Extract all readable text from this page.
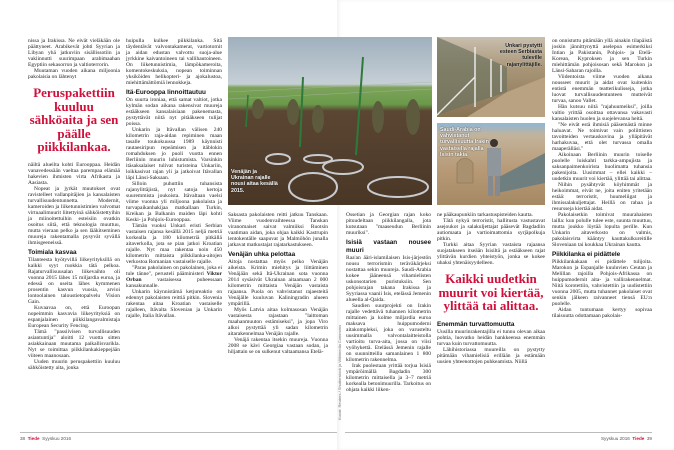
nissa ja Irakissa. Ne eivät vieläkään ole päättyneet. Arabikevät johti Syyrian ja Libyan yhä jatkuviin sisällissotiin ja vakiinnutti suurimpaan arabimaahan Egyptiin sekasorron ja valtioterrorin.

Muutaman vuoden aikana miljoonia pakolaisia on lähtenyt

Peruspakettiin kuuluu sähköaita ja sen päälle piikkilankaa.

näiltä alueilta kohti Eurooppaa. Heidän vanavedessään vaeltaa parempaa elämää hakevien ihmisten virta Afrikasta ja Aasiasta.

Nopeat ja jyrkät muutokset ovat ravistelleet vallanpitäjien ja kansalaisten turvallisuudentunnetta. Modernit, kameroiden ja liiketunnistimien valvomat virtuaalimuurit liitettyinä sähköistettyihin ja miinoitettuihin esteisiin ovatkin osoitus siitä, että teknologia muuttuu, mutta vieraan pelko ja sen lääkitseminen muureja rakentamalla pysyvät syvällä ihmisgeeneissä.

Toimiala kasvaa

Tilanteesta hyötyvillä liikeyrityksillä on kaikki syyt ruokkia tätä pelkoa. Rajaturvallisuusalan liikevaihto oli vuonna 2015 lähes 15 miljardia euroa, ja edessä on useita lähes kymmenen prosentin kasvun vuosia, arvioi lontoolainen taloustietopalvelu Vision Gain.

Kuvaavaa on, että Euroopan nopeimmin kasvavia liikeyrityksiä on espanjalainen piikkilangavalmistaja European Security Fencing.

Tämä "passiivisen turvallisuuden asiantuntija" aloitti 12 vuotta sitten asiakkainaan muutama paikallisvarikla. Nyt se toimittaa piikkilankakieppejään viiteen maanosaan.

Uuden muurin peruspakettiin kuuluu sähköistetty aita, jonka

huipulla kulkee piikkilanka. Sitä täydentävät valvontakamerat, vartiotornit ja aidan edustan valvottu suoja-alue jyrkkine kaivantoineen tai vallihautoineen. On liiketunnistimia, lämpökameroita, komentokeskuksia, nopean toiminnan yksiköiden helikopteri- ja ajokalustoa, miehittämättömiä lennokkeja.

Itä-Eurooppa linnoittautuu

On suurta ironiaa, että samat valtiot, jotka kylmän sodan aikana rakensivat muureja estääkseen kansalaisiaan pakenemasta, pystyttävät niitä nyt pitääkseen tulijat poissa.

Unkarin ja Itävallan välisen 240 kilometrin raja-aidan repiminen maan tasalle toukokuussa 1989 käynnisti rautaesiripun repeämisen ja itäblokin romahduksen jo puoli vuotta ennen Berliinin muurin luhistumista. Varsinkin itäsaksalaiset tulivat turisteina Unkariin, loikkasivat rajan yli ja jatkoivat Itävallan läpi Länsi-Saksaan.

Silloin puhuttiin tuhansista rajanylittäjistä, nyt satoja kertoja suuremmista joukoista. Itävaltaan vaelsi viime vuonna yli miljoona pakolaista ja turvapaikanhakijaa matkallaan Turkin, Kreikan ja Balkanin maiden läpi kohti Keski- ja Pohjois-Eurooppaa.

Tämän vuoksi Unkari eristi Serbian vastaisen rajansa kesällä 2015 neljä metriä korkealla ja 180 kilometriä pitkällä aitaverkolla, jota se pian jatkoi Kroatian rajalle. Nyt maa rakentaa noin 450 kilometrin mittaista piikkilanka-aitojen verkostoa Romanian vastaiselle rajalle.

"Paras pakolainen on pakolainen, joka ei tule tänne", perusteli pääministeri Viktor Orban vastaisessa puheessaan kansakunnalle.

Unkarin käynnistämä ketjureaktio on edennyt pakolaisten reittiä pitkin. Slovenia rakentaa aitaa Kroatian vastaiselle rajalleen, Itävalta Slovenian ja Unkarin rajalle, Italia Itävallan.

Venäjän ja Ukrainan rajalle nousi aitaa kesällä 2015.
Unkari pystytti esteen Serbiasta tuleville rajanylittäjille.
Saudi-Arabia on vahvistanut turvallisuutta Irakin vastaisella rajalla Isisin takia.

Saksasta pakolaisten reitti jatkuu Tanskaan. Viime vuodenvaihteessa Tanskan viranomaiset saivat valmiiksi Ruotsin vaatiman aidan, joka ohjaa kaikki Kastrupin lentokentälle saapuvat ja Malmöhön junalla jatkavat matkustajat rajatarkastukseen.

Venäjän uhka pelottaa

Aitoja nostattaa myös pelko Venäjän aikeista. Krimin miehitys ja liittäminen Venäjään sekä Itä-Ukrainan sota vuonna 2014 sysäsivät Ukrainan aitaamaan 2 000 kilometrin mittaista Venäjän vastaista rajaansa. Puola on vahvistanut rajaesteitä Venäjälle kuuluvan Kaliningradin alueen ympärillä.

Myös Latvia aitaa kolmasosan Venäjän vastaisesta rajastaan "laittoman maahanmuuton estämiseksi", ja jopa Viro alkoi pystyttää yli sadan kilometrin aitarakennelmaa Venäjän rajalle.

Venäjä rakentaa itsekin muureja. Vuonna 2008 se kävi Georgiaa vastaan sodan, ja hiljattain se on sulkenut valtaamansa Etelä-	Kuvat: Reuters / Shutterstock ja Wikimedia Commons

Ossetian ja Georgian rajan koko pituudeltaan piikkilangalla, jota kutsutaan "maaseudun Berliinin muuriksi".

Isisiä vastaan nousee muuri

Raa'an ääri-islamilaisen Isis-järjestön nousu terrorismin teräväkärjeksi nostattaa sekin muureja. Saudi-Arabia kokee jääneensä vihamielisten uskonsotarien puristuksiin. Sen pohjoisrajan takana Irakissa ja Syyriassa vaanii Isis, etelässä Jemenin alueella al-Qaida.

Saudien suurprojekti on Irakin rajalle vedettävä tuhannen kilometrin mittainen ja kolme miljardia euroa maksava huippumoderni aitakompleksi, joka on varusteltu uusimmalla valvontalaitteistolla vartioitu turva-aita, jossa on viisi vyöhykettä. Etelässä Jemenin rajalle on suunnitteilla samanlainen 1 800 kilometrin rakennelma.

Irak puolestaan yrittää torjua Isisiä ympäröimällä Bagdadin 300 kilometrin mittaisella ja 3–7 metriä korkealla betonimuurilla. Tarkoitus on ohjata kaikki liiken-

ne pääkaupunkiin tarkastuspisteiden kautta.

Tätä nykyä terroristit, hallitusta vastustavat asejoukot ja salakuljettajat pääsevät Bagdadiin autiomaata ja vartioimattomia syrjäpolkuja pitkin.

Turkki aitaa Syyrian vastaista rajaansa suojatakseen itseään Isisiltä ja estääkseen rajat ylittävän kurdien yhteistyön, jonka se kokee uhaksi yhtenäisyydelleen.

Kaikki uudetkin muurit voi kiertää, ylittää tai alittaa.
Enemmän turvattomuutta

Uusilla muurinrakentajilla ei tunnu olevan aikaa pohtia, luovatko heidän hankkeensa enemmän turvaa kuin turvattomuutta.

Lähihistoriassa muureilla on pystytty pitämään vihamielisiä erillään ja estämään uusien yhteenottojen puhkeamista. Niillä

on onnistuttu pitämään yllä ainakin tilapäistä joskin jännittynyttä aselepoa esimerkiksi Intian ja Pakistanin, Pohjois- ja Etelä-Korean, Kyproksen ja sen Turkin miehittämän pohjoisosan sekä Marokon ja Länsi-Saharan rajoilla.

Viidentoista viime vuoden aikana nousseet muurit ja aidat ovat kuitenkin entistä enemmän teatterikulisseja, jotka luovat turvallisuudentunteen mutteivät turvaa, sanoo Vallet.

Hän kutsuu niitä "rajahuumeiksi", joilla valtio yrittää osoittaa ottavansa vakavasti kansalaisten huolen ja suojelevansa heitä.

"Ne eivät estä ihmisiä pääsemästä minne haluavat. Ne toimivat vain poliittisten tavoitteiden vertauskuvina ja ylläpitävät harhakuvaa, että olet turvassa omalla maaperälläsi."

Aikoinaan Berliinin muurin toiselle puolelle luiskahti tarkka-ampujista ja saksanpaimenkoirista huolimatta tuhansia pakenijoita. Uusimmat – ellei kaikki – uudetkin muurit voi kiertää, ylittää tai alittaa.

Niihin pysähtyvät köyhimmät ja heikoimmat, eivät ne, joita eniten yritetään estää: terroristit, huumeliigat ja ihmissalakuljettajat. Heillä on rahaa ja resursseja kiertää aidat.

Pakolaisetkin toimivat muurahaisten lailla: kun polulle tulee este, suunta muuttuu, mutta joukko löytää lopulta perille. Kun Unkarin aitaverkosto on valmis, pakolaisvirta kääntyy kauttakulkureitille Sloveniaan tai koukkaa Ukrainan kautta.

Piikkilanka ei pidättele

Piikkilankakaan ei pidättele tulijoita. Marokon ja Espanjalle kuuluvien Ceutan ja Melillan rajoilla Pohjois-Afrikassa on huippumodernit aita- ja vallirakennelmat. Niitä korotettiin, vahvistettiin ja uudistettiin vuonna 2005, mutta tuhannet pakolaiset ovat senkin jälkeen raivanneet tiensä EU:n puolelle.

Aidan tuntumaan kertyy sopivaa tilaisuutta odottamaan pakolais-

38 Tiede Syyskuu 2016	Syyskuu 2016 Tiede 39
